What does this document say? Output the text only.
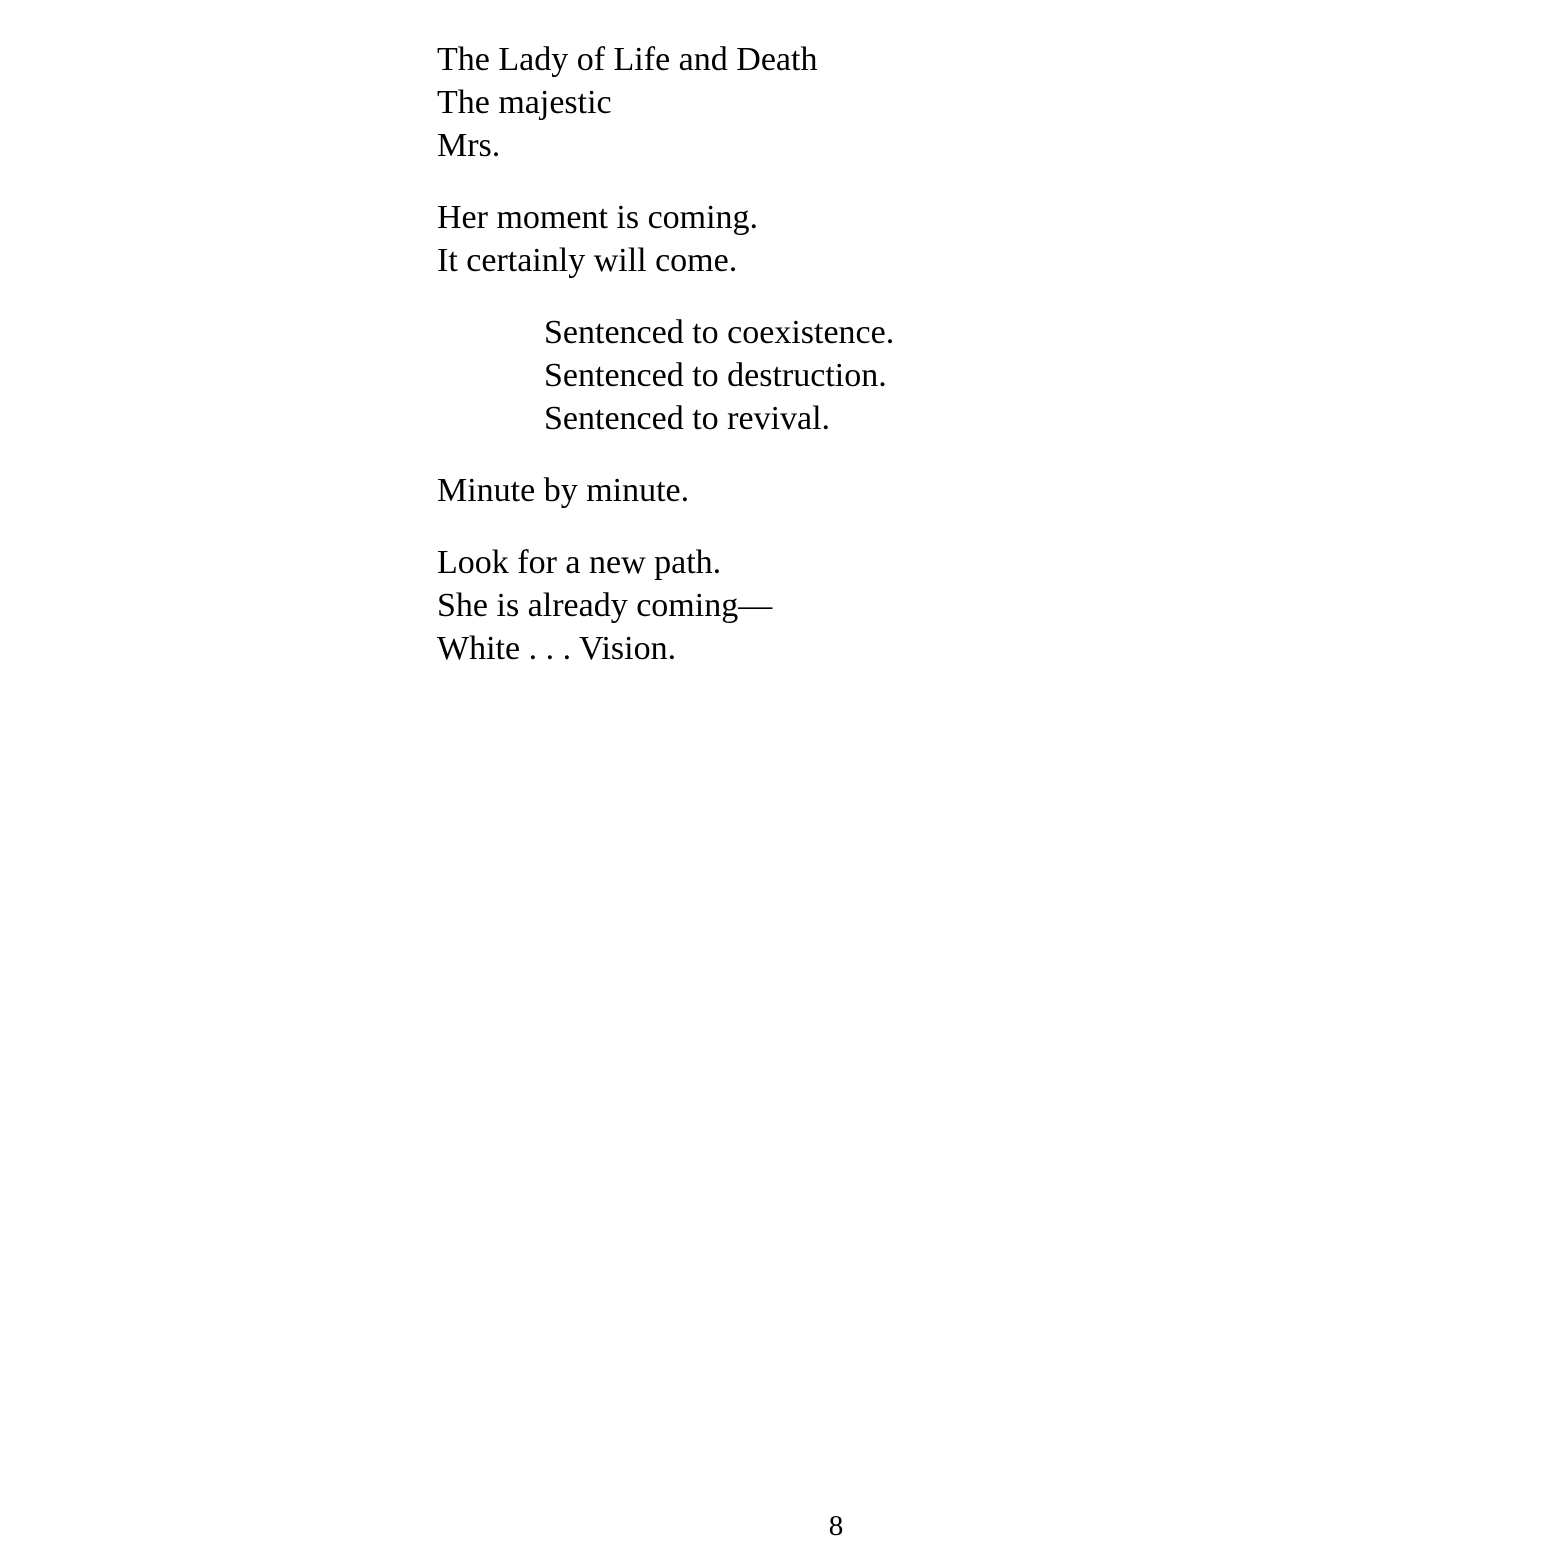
The Lady of Life and Death
The majestic
Mrs.
Her moment is coming.
It certainly will come.
Sentenced to coexistence.
Sentenced to destruction.
Sentenced to revival.
Minute by minute.
Look for a new path.
She is already coming—
White . . . Vision.
8
